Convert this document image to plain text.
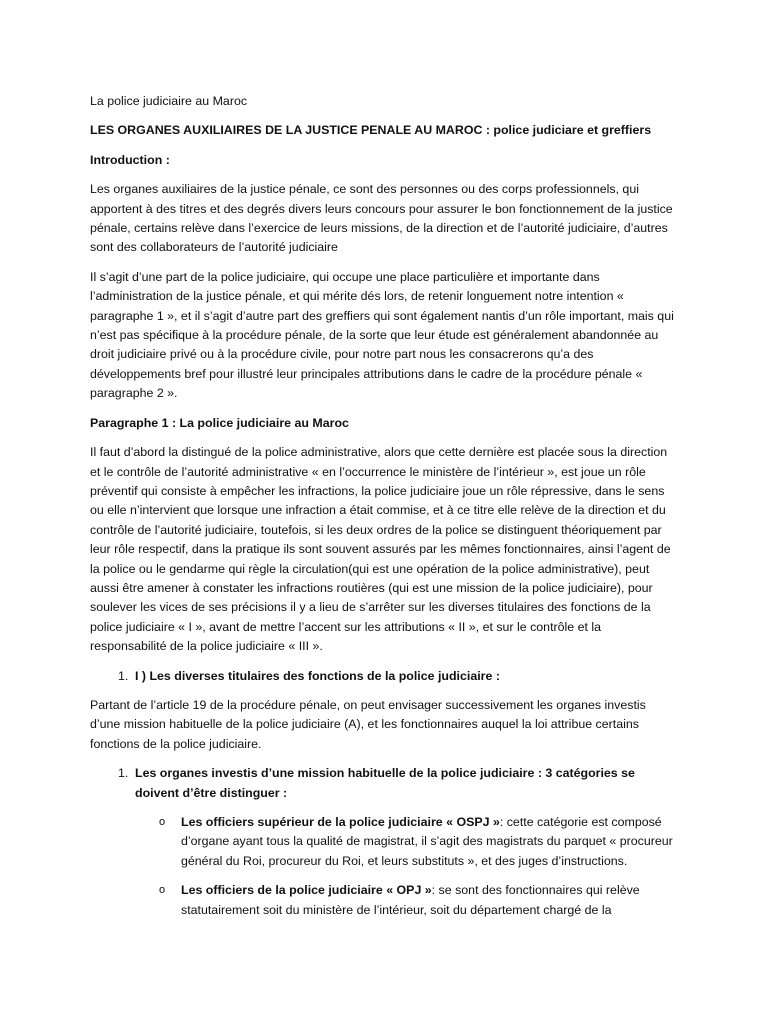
La police judiciaire au Maroc

LES ORGANES AUXILIAIRES DE LA JUSTICE PENALE AU MAROC : police judiciare et greffiers

Introduction :

Les organes auxiliaires de la justice pénale, ce sont des personnes ou des corps professionnels, qui apportent à des titres et des degrés divers leurs concours pour assurer le bon fonctionnement de la justice pénale, certains relève dans l’exercice de leurs missions, de la direction et de l’autorité judiciaire, d’autres sont des collaborateurs de l’autorité judiciaire

Il s’agit d’une part de la police judiciaire, qui occupe une place particulière et importante dans l’administration de la justice pénale, et qui mérite dés lors, de retenir longuement notre intention « paragraphe 1 », et il s’agit d’autre part des greffiers qui sont également nantis d’un rôle important, mais qui n’est pas spécifique à la procédure pénale, de la sorte que leur étude est généralement abandonnée au droit judiciaire privé ou à la procédure civile, pour notre part nous les consacrerons qu’a des développements bref pour illustré leur principales attributions dans le cadre de la procédure pénale « paragraphe 2 ».

Paragraphe 1 : La police judiciaire au Maroc

Il faut d’abord la distingué de la police administrative, alors que cette dernière est placée sous la direction et le contrôle de l’autorité administrative « en l’occurrence le ministère de l’intérieur », est joue un rôle préventif qui consiste à empêcher les infractions, la police judiciaire joue un rôle répressive, dans le sens ou elle n’intervient que lorsque une infraction a était commise, et à ce titre elle relève de la direction et du contrôle de l’autorité judiciaire, toutefois, si les deux ordres de la police se distinguent théoriquement par leur rôle respectif, dans la pratique ils sont souvent assurés par les mêmes fonctionnaires, ainsi l’agent de la police ou le gendarme qui règle la circulation(qui est une opération de la police administrative), peut aussi être amener à constater les infractions routières (qui est une mission de la police judiciaire), pour soulever les vices de ses précisions il y a lieu de s’arrêter sur les diverses titulaires des fonctions de la police judiciaire « I », avant de mettre l’accent sur les attributions « II », et sur le contrôle et la responsabilité de la police judiciaire « III ».

1. I ) Les diverses titulaires des fonctions de la police judiciaire :

Partant de l’article 19 de la procédure pénale, on peut envisager successivement les organes investis d’une mission habituelle de la police judiciaire (A), et les fonctionnaires auquel la loi attribue certains fonctions de la police judiciaire.

1. Les organes investis d’une mission habituelle de la police judiciaire : 3 catégories se doivent d’être distinguer :
o Les officiers supérieur de la police judiciaire « OSPJ »: cette catégorie est composé d’organe ayant tous la qualité de magistrat, il s’agit des magistrats du parquet « procureur général du Roi, procureur du Roi, et leurs substituts », et des juges d’instructions.
o Les officiers de la police judiciaire « OPJ »: se sont des fonctionnaires qui relève statutairement soit du ministère de l’intérieur, soit du département chargé de la
